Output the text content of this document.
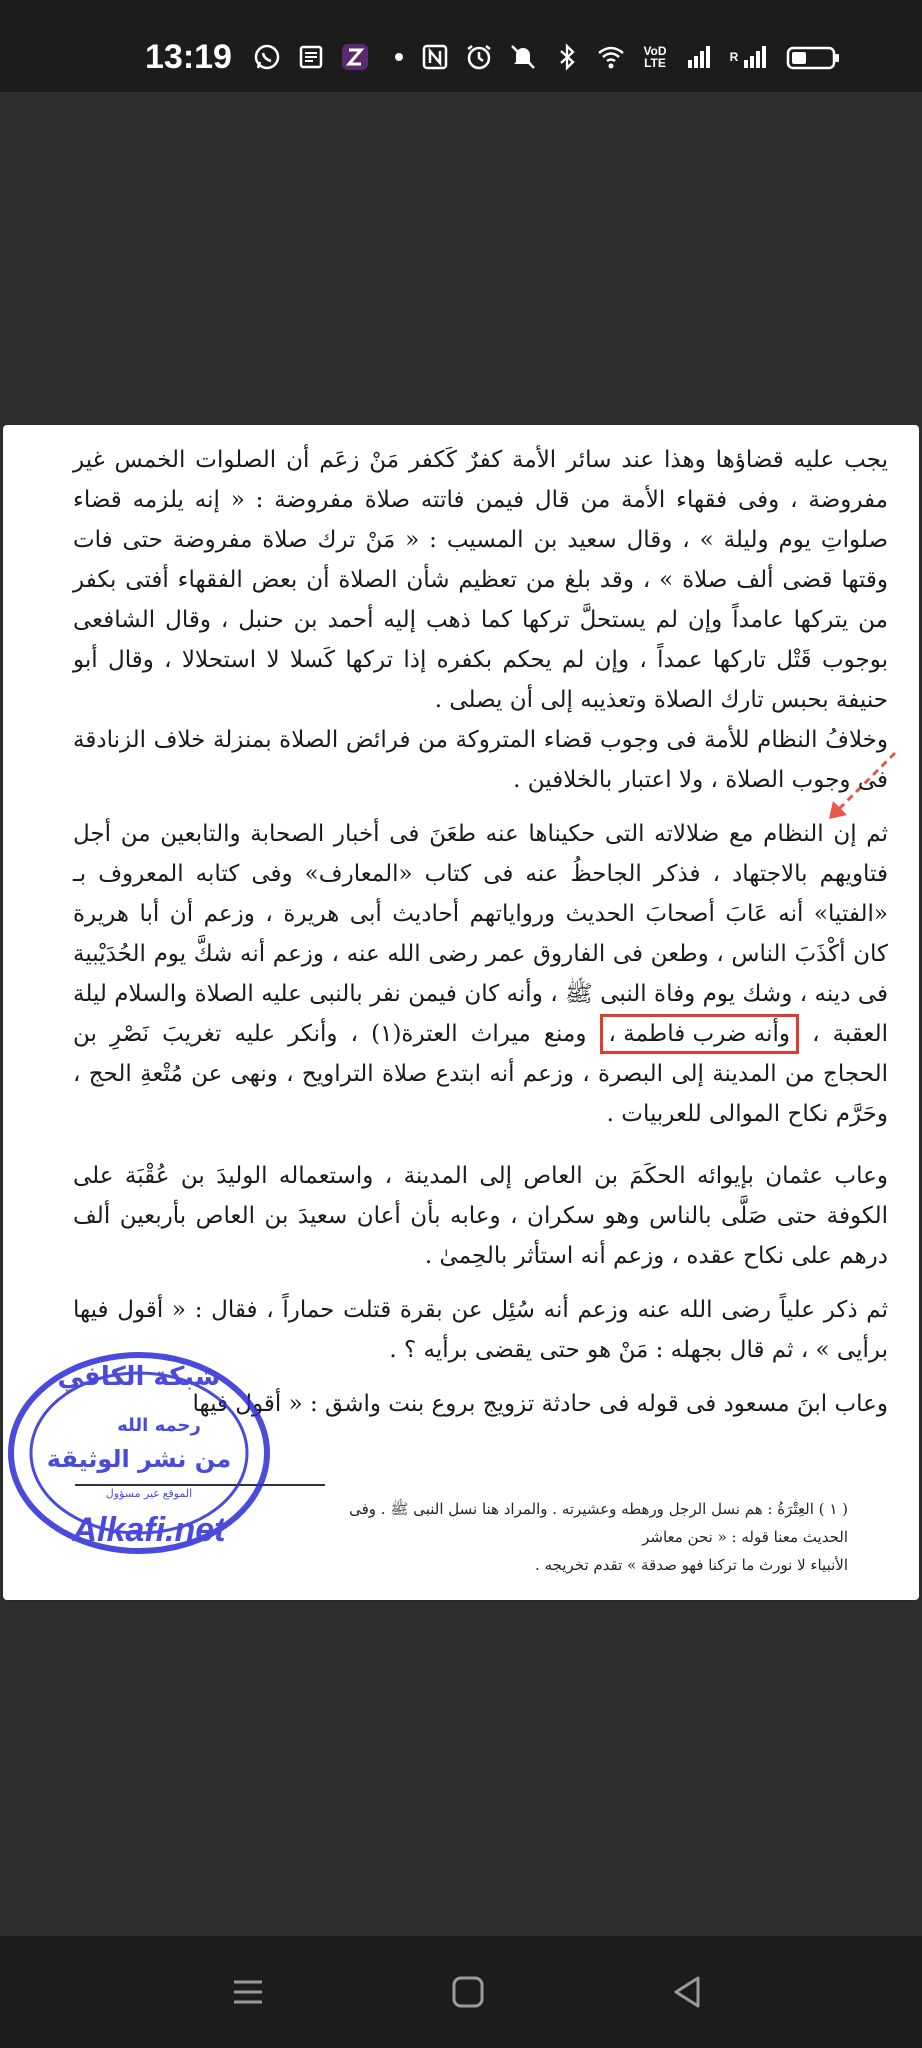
13:19	VoD
LTE	R

يجب عليه قضاؤها وهذا عند سائر الأمة كفرٌ كَكفر مَنْ زعَم أن الصلوات الخمس غير مفروضة ، وفى فقهاء الأمة من قال فيمن فاتته صلاة مفروضة : « إنه يلزمه قضاء صلواتِ يوم وليلة » ، وقال سعيد بن المسيب : « مَنْ ترك صلاة مفروضة حتى فات وقتها قضى ألف صلاة » ، وقد بلغ من تعظيم شأن الصلاة أن بعض الفقهاء أفتى بكفر من يتركها عامداً وإن لم يستحلَّ تركها كما ذهب إليه أحمد بن حنبل ، وقال الشافعى بوجوب قَتْل تاركها عمداً ، وإن لم يحكم بكفره إذا تركها كَسلا لا استحلالا ، وقال أبو حنيفة بحبس تارك الصلاة وتعذيبه إلى أن يصلى .

وخلافُ النظام للأمة فى وجوب قضاء المتروكة من فرائض الصلاة بمنزلة خلاف الزنادقة فى وجوب الصلاة ، ولا اعتبار بالخلافين .

ثم إن النظام مع ضلالاته التى حكيناها عنه طعَنَ فى أخبار الصحابة والتابعين من أجل فتاويهم بالاجتهاد ، فذكر الجاحظُ عنه فى كتاب «المعارف» وفى كتابه المعروف بـ «الفتيا» أنه عَابَ أصحابَ الحديث ورواياتهم أحاديث أبى هريرة ، وزعم أن أبا هريرة كان أكْذَبَ الناس ، وطعن فى الفاروق عمر رضى الله عنه ، وزعم أنه شكَّ يوم الحُدَيْبية فى دينه ، وشك يوم وفاة النبى ﷺ ، وأنه كان فيمن نفر بالنبى عليه الصلاة والسلام ليلة العقبة ، وأنه ضرب فاطمة ، ومنع ميراث العترة(١) ، وأنكر عليه تغريبَ نَصْرِ بن الحجاج من المدينة إلى البصرة ، وزعم أنه ابتدع صلاة التراويح ، ونهى عن مُتْعةِ الحج ، وحَرَّم نكاح الموالى للعربيات .

وعاب عثمان بإيوائه الحكَمَ بن العاص إلى المدينة ، واستعماله الوليدَ بن عُقْبَة على الكوفة حتى صَلَّى بالناس وهو سكران ، وعابه بأن أعان سعيدَ بن العاص بأربعين ألف درهم على نكاح عقده ، وزعم أنه استأثر بالحِمىٰ .

ثم ذكر علياً رضى الله عنه وزعم أنه سُئِل عن بقرة قتلت حماراً ، فقال : « أقول فيها برأيى » ، ثم قال بجهله : مَنْ هو حتى يقضى برأيه ؟ .

وعاب ابنَ مسعود فى قوله فى حادثة تزويج بروع بنت واشق : « أقول فيها

( ١ ) العِتْرَةُ : هم نسل الرجل ورهطه وعشيرته . والمراد هنا نسل النبى ﷺ . وفى الحديث معنا قوله : « نحن معاشر
الأنبياء لا نورث ما تركنا فهو صدقة » تقدم تخريجه .
شبكة الكافي
رحمه الله
من نشر الوثيقة
الموقع غير مسؤول
Alkafi.net
